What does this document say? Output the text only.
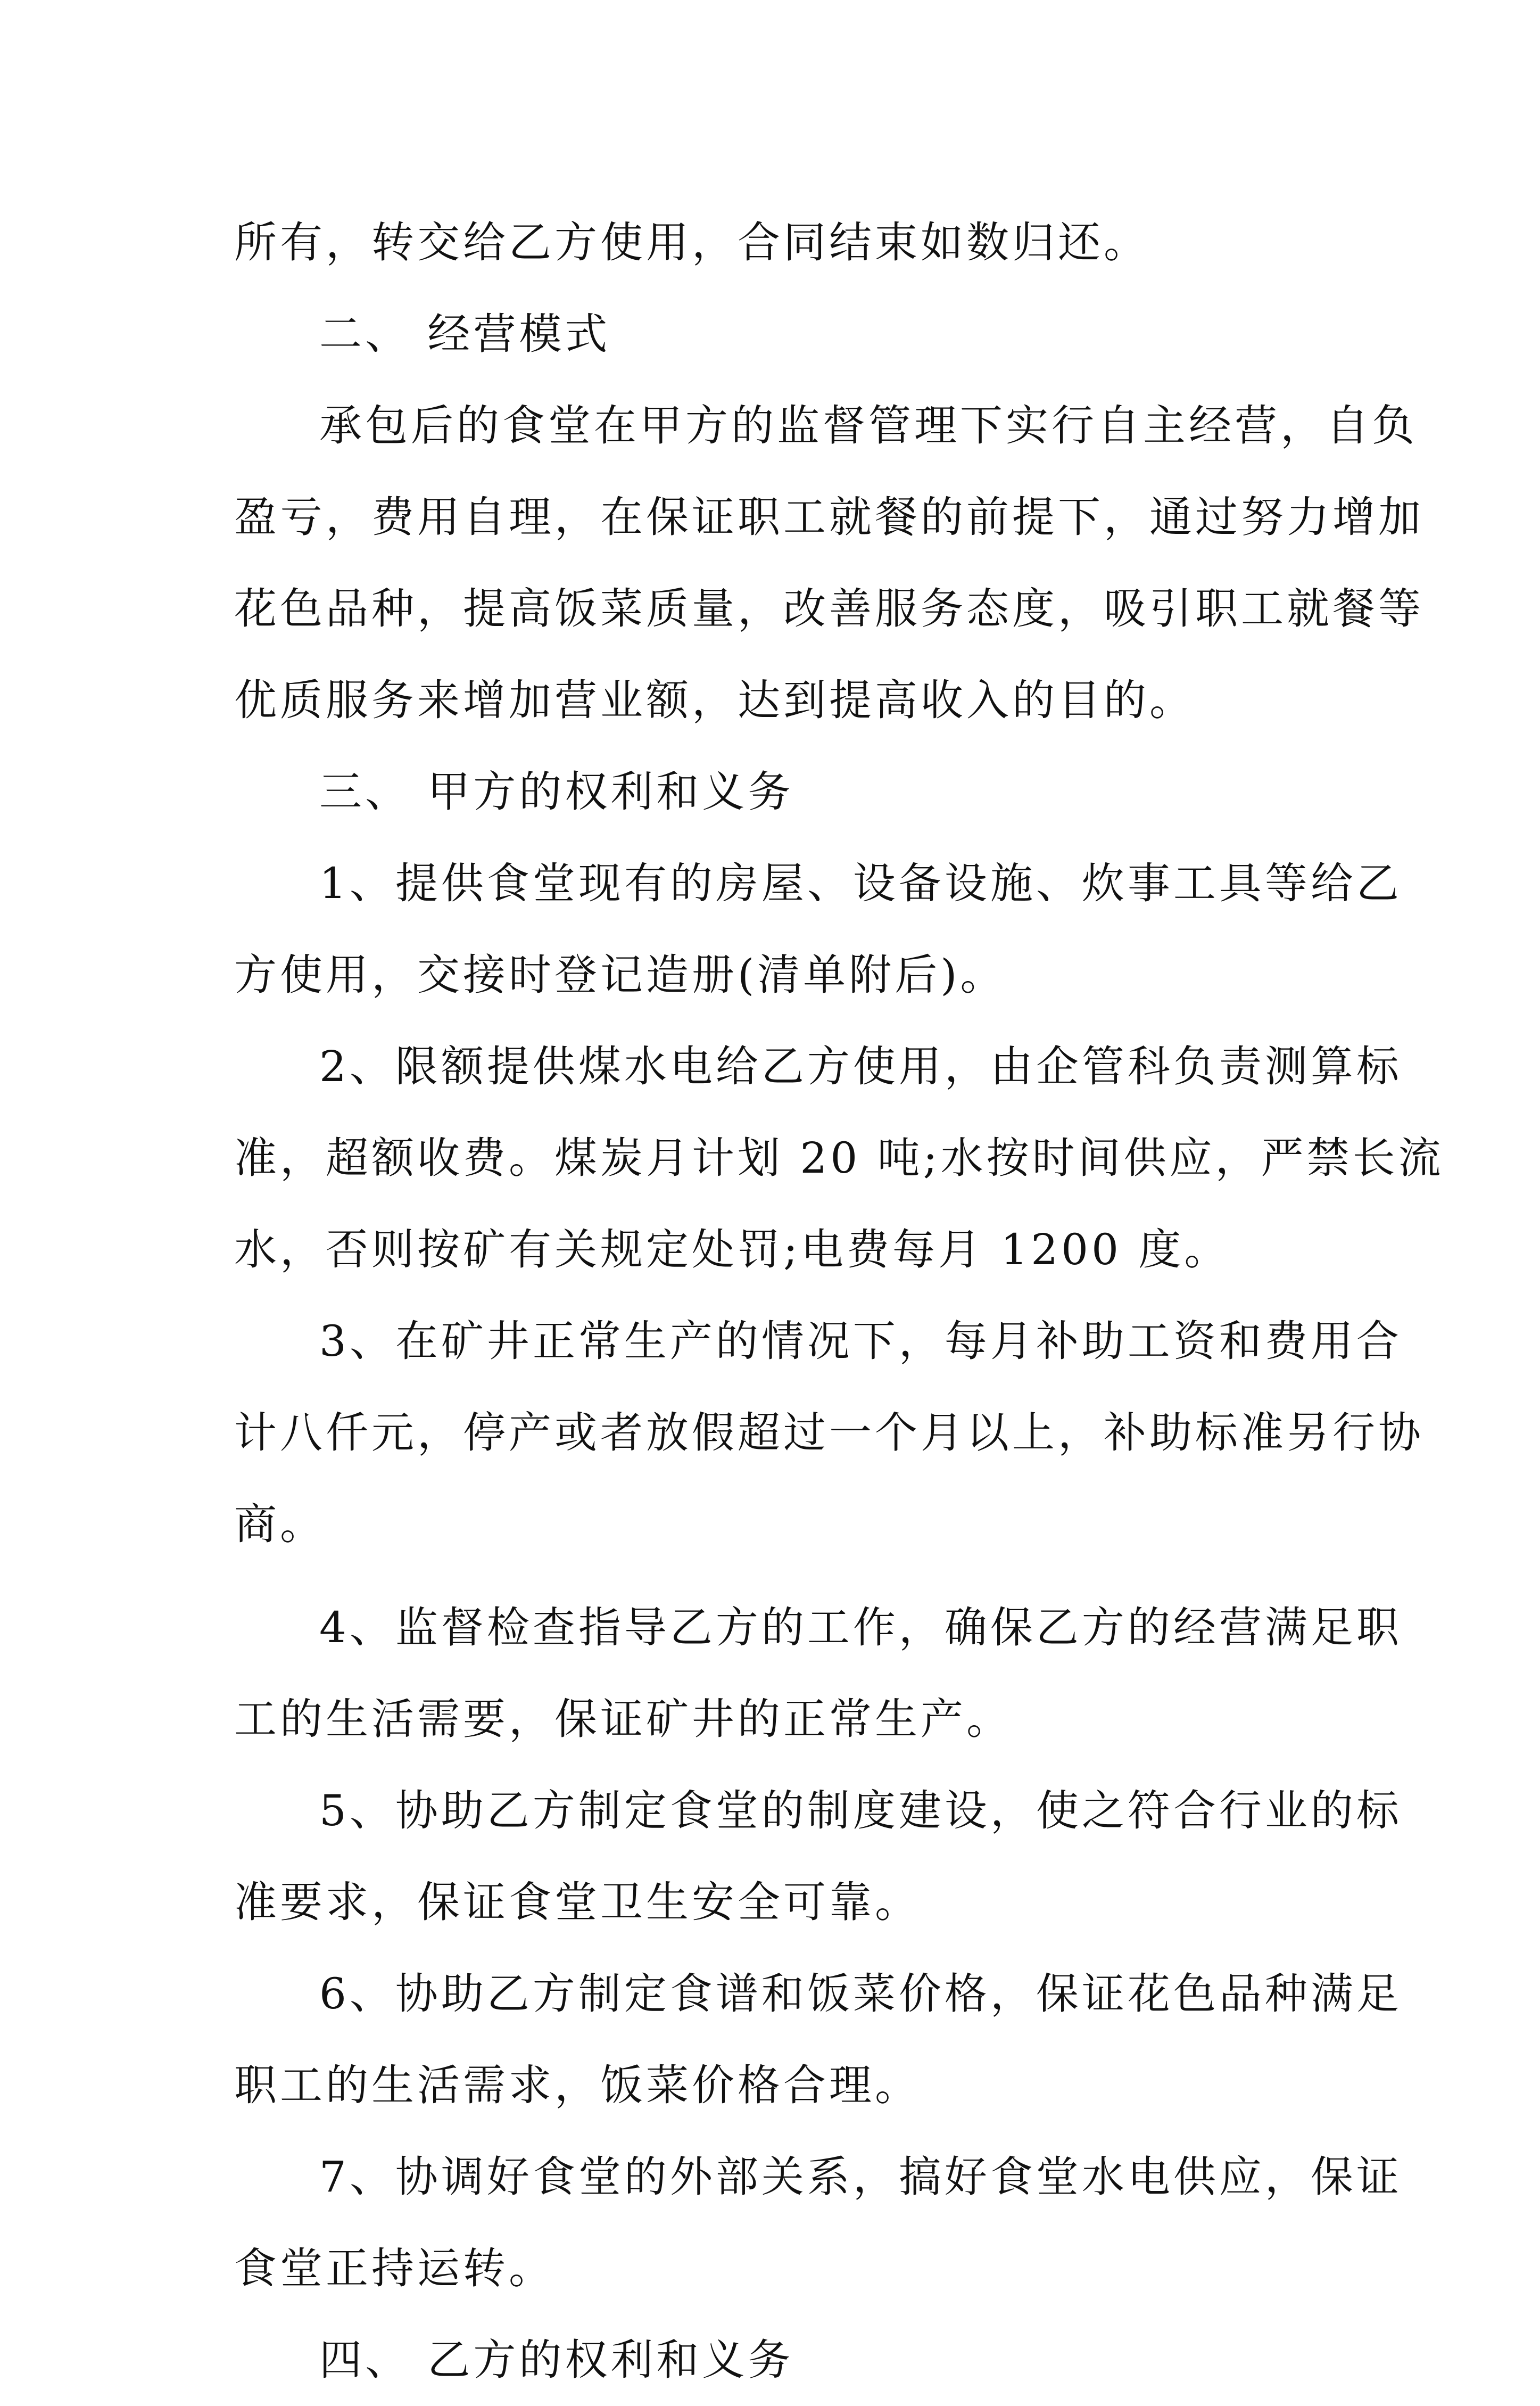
所有，转交给乙方使用，合同结束如数归还。
二、 经营模式
承包后的食堂在甲方的监督管理下实行自主经营，自负
盈亏，费用自理，在保证职工就餐的前提下，通过努力增加
花色品种，提高饭菜质量，改善服务态度，吸引职工就餐等
优质服务来增加营业额，达到提高收入的目的。
三、 甲方的权利和义务
1、提供食堂现有的房屋、设备设施、炊事工具等给乙
方使用，交接时登记造册(清单附后)。
2、限额提供煤水电给乙方使用，由企管科负责测算标
准，超额收费。煤炭月计划 20 吨;水按时间供应，严禁长流
水，否则按矿有关规定处罚;电费每月 1200 度。
3、在矿井正常生产的情况下，每月补助工资和费用合
计八仟元，停产或者放假超过一个月以上，补助标准另行协
商。
4、监督检查指导乙方的工作，确保乙方的经营满足职
工的生活需要，保证矿井的正常生产。
5、协助乙方制定食堂的制度建设，使之符合行业的标
准要求，保证食堂卫生安全可靠。
6、协助乙方制定食谱和饭菜价格，保证花色品种满足
职工的生活需求，饭菜价格合理。
7、协调好食堂的外部关系，搞好食堂水电供应，保证
食堂正持运转。
四、 乙方的权利和义务
